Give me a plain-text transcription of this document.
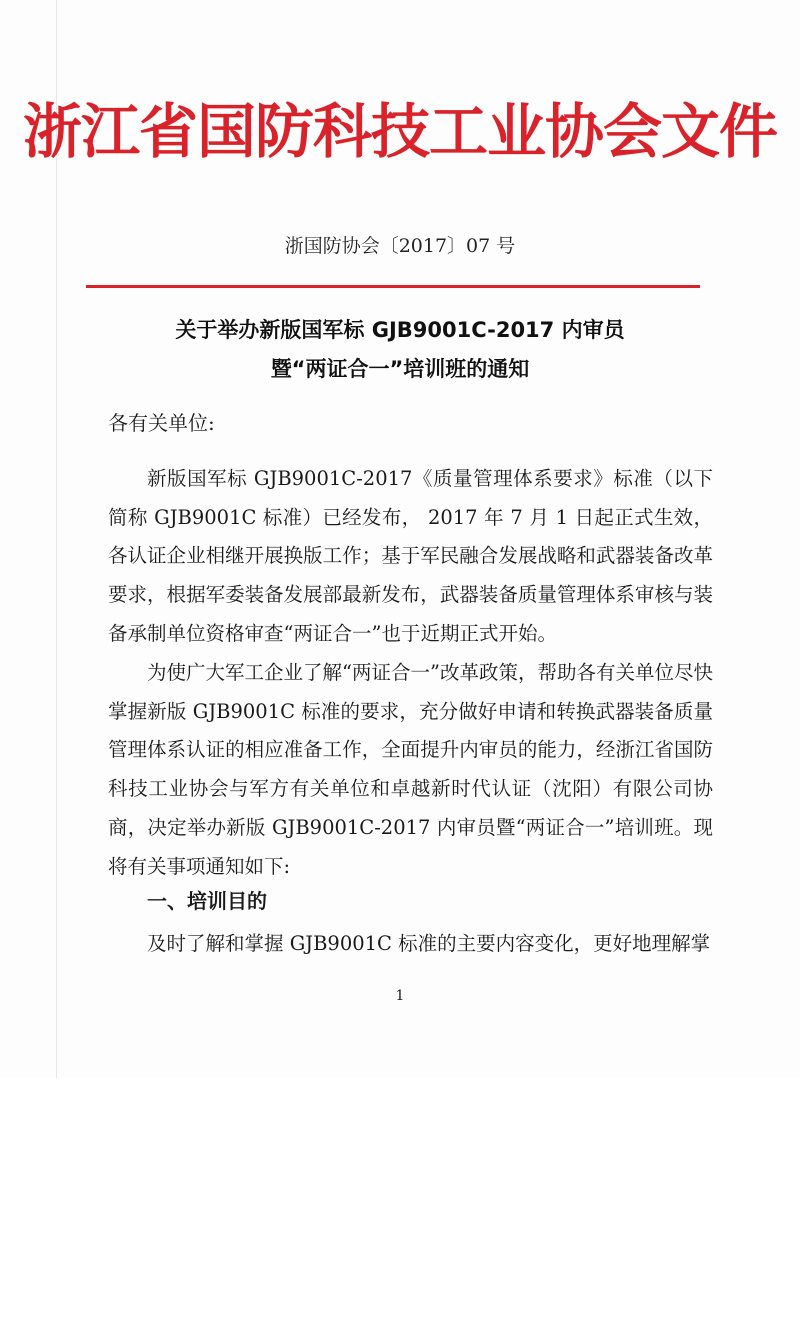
浙江省国防科技工业协会文件
浙国防协会〔2017〕07 号
关于举办新版国军标 GJB9001C-2017 内审员
暨“两证合一”培训班的通知
各有关单位:

新版国军标 GJB9001C-2017《质量管理体系要求》标准（以下简称 GJB9001C 标准）已经发布， 2017 年 7 月 1 日起正式生效，各认证企业相继开展换版工作；基于军民融合发展战略和武器装备改革要求，根据军委装备发展部最新发布，武器装备质量管理体系审核与装备承制单位资格审查“两证合一”也于近期正式开始。

为使广大军工企业了解“两证合一”改革政策，帮助各有关单位尽快掌握新版 GJB9001C 标准的要求，充分做好申请和转换武器装备质量管理体系认证的相应准备工作，全面提升内审员的能力，经浙江省国防科技工业协会与军方有关单位和卓越新时代认证（沈阳）有限公司协商，决定举办新版 GJB9001C-2017 内审员暨“两证合一”培训班。现将有关事项通知如下:

一、培训目的

及时了解和掌握 GJB9001C 标准的主要内容变化，更好地理解掌

1
